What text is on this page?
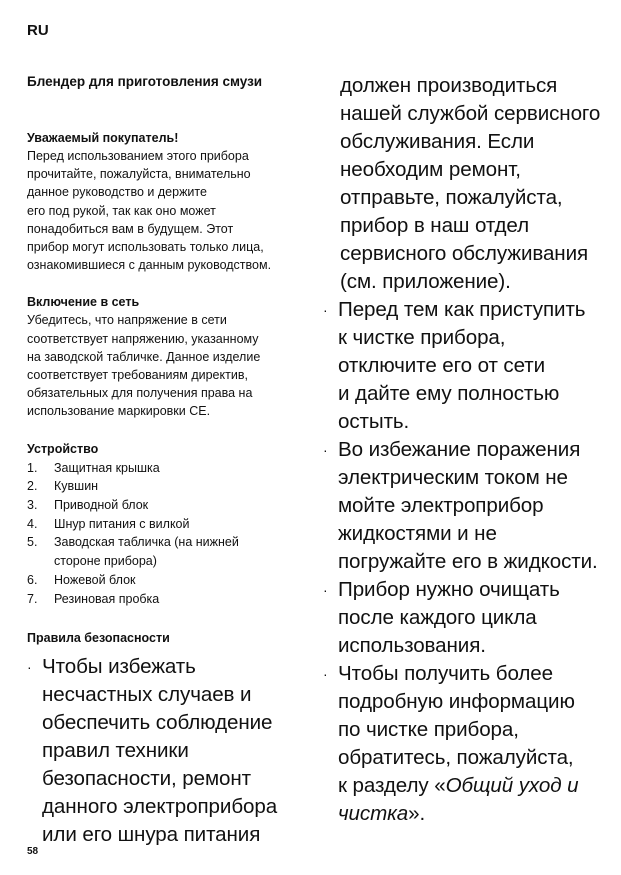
RU
Блендер для приготовления смузи

Уважаемый покупатель!

Перед использованием этого прибора
прочитайте, пожалуйста, внимательно
данное руководство и держите
его под рукой, так как оно может
понадобиться вам в будущем. Этот
прибор могут использовать только лица,
ознакомившиеся с данным руководством.

Включение в сеть

Убедитесь, что напряжение в сети
соответствует напряжению, указанному
на заводской табличке. Данное изделие
соответствует требованиям директив,
обязательных для получения права на
использование маркировки CE.

Устройство

1.	Защитная крышка
2.	Кувшин
3.	Приводной блок
4.	Шнур питания с вилкой
5.	Заводская табличка (на нижней
стороне прибора)
6.	Ножевой блок
7.	Резиновая пробка

Правила безопасности

· Чтобы избежать
несчастных случаев и
обеспечить соблюдение
правил техники
безопасности, ремонт
данного электроприбора
или его шнура питания

должен производиться
нашей службой сервисного
обслуживания. Если
необходим ремонт,
отправьте, пожалуйста,
прибор в наш отдел
сервисного обслуживания
(см. приложение).

· Перед тем как приступить
к чистке прибора,
отключите его от сети
и дайте ему полностью
остыть.
· Во избежание поражения
электрическим током не
мойте электроприбор
жидкостями и не
погружайте его в жидкости.
· Прибор нужно очищать
после каждого цикла
использования.
· Чтобы получить более
подробную информацию
по чистке прибора,
обратитесь, пожалуйста,
к разделу «Общий уход и
чистка».
58
